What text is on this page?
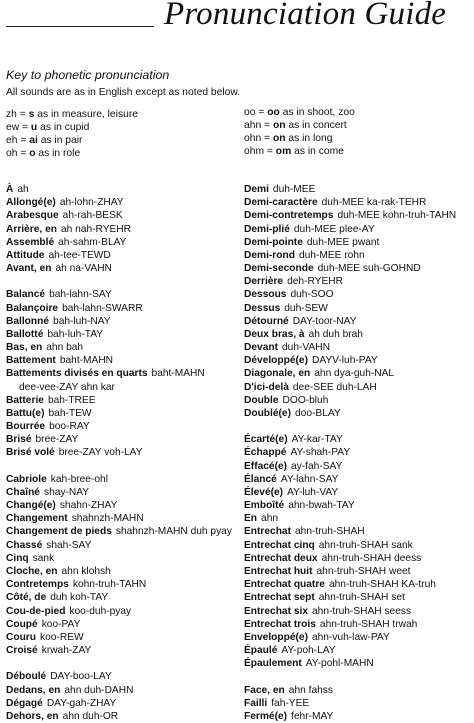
Pronunciation Guide
Key to phonetic pronunciation
All sounds are as in English except as noted below.
zh = s as in measure, leisure
ew = u as in cupid
eh = ai as in pair
oh = o as in role
oo = oo as in shoot, zoo
ahn = on as in concert
ohn = on as in long
ohm = om as in come
À ah
Allongé(e) ah-lohn-ZHAY
Arabesque ah-rah-BESK
Arrière, en ah nah-RYEHR
Assemblé ah-sahm-BLAY
Attitude ah-tee-TEWD
Avant, en ah na-VAHN
Balancé bah-lahn-SAY
Balançoire bah-lahn-SWARR
Ballonné bah-luh-NAY
Ballotté bah-luh-TAY
Bas, en ahn bah
Battement baht-MAHN
Battements divisés en quarts baht-MAHN
dee-vee-ZAY ahn kar
Batterie bah-TREE
Battu(e) bah-TEW
Bourrée boo-RAY
Brisé bree-ZAY
Brisé volé bree-ZAY voh-LAY
Cabriole kah-bree-ohl
Chaîné shay-NAY
Changé(e) shahn-ZHAY
Changement shahnzh-MAHN
Changement de pieds shahnzh-MAHN duh pyay
Chassé shah-SAY
Cinq sank
Cloche, en ahn klohsh
Contretemps kohn-truh-TAHN
Côté, de duh koh-TAY
Cou-de-pied koo-duh-pyay
Coupé koo-PAY
Couru koo-REW
Croisé krwah-ZAY
Déboulé DAY-boo-LAY
Dedans, en ahn duh-DAHN
Dégagé DAY-gah-ZHAY
Dehors, en ahn duh-OR
Demi duh-MEE
Demi-caractère duh-MEE ka-rak-TEHR
Demi-contretemps duh-MEE kohn-truh-TAHN
Demi-plié duh-MEE plee-AY
Demi-pointe duh-MEE pwant
Demi-rond duh-MEE rohn
Demi-seconde duh-MEE suh-GOHND
Derrière deh-RYEHR
Dessous duh-SOO
Dessus duh-SEW
Détourné DAY-toor-NAY
Deux bras, à ah duh brah
Devant duh-VAHN
Développé(e) DAYV-luh-PAY
Diagonale, en ahn dya-guh-NAL
D'ici-delà dee-SEE duh-LAH
Double DOO-bluh
Doublé(e) doo-BLAY
Écarté(e) AY-kar-TAY
Échappé AY-shah-PAY
Effacé(e) ay-fah-SAY
Élancé AY-lahn-SAY
Élevé(e) AY-luh-VAY
Emboîté ahn-bwah-TAY
En ahn
Entrechat ahn-truh-SHAH
Entrechat cinq ahn-truh-SHAH sank
Entrechat deux ahn-truh-SHAH deess
Entrechat huit ahn-truh-SHAH weet
Entrechat quatre ahn-truh-SHAH KA-truh
Entrechat sept ahn-truh-SHAH set
Entrechat six ahn-truh-SHAH seess
Entrechat trois ahn-truh-SHAH trwah
Enveloppé(e) ahn-vuh-law-PAY
Épaulé AY-poh-LAY
Épaulement AY-pohl-MAHN
Face, en ahn fahss
Failli fah-YEE
Fermé(e) fehr-MAY
